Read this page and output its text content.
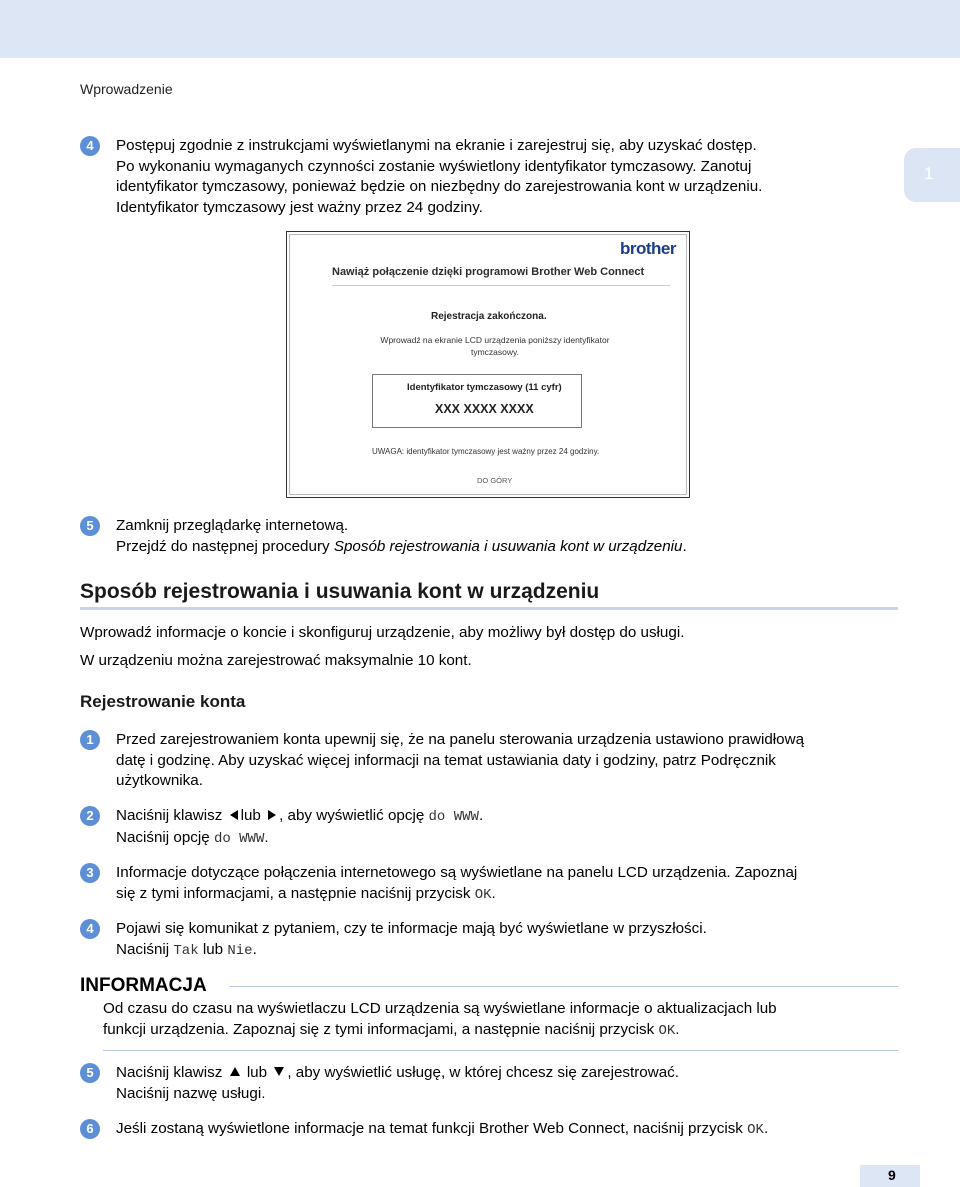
Wprowadzenie
1
4	Postępuj zgodnie z instrukcjami wyświetlanymi na ekranie i zarejestruj się, aby uzyskać dostęp.

Po wykonaniu wymaganych czynności zostanie wyświetlony identyfikator tymczasowy. Zanotuj

identyfikator tymczasowy, ponieważ będzie on niezbędny do zarejestrowania kont w urządzeniu.

Identyfikator tymczasowy jest ważny przez 24 godziny.

brother
Nawiąż połączenie dzięki programowi Brother Web Connect
Rejestracja zakończona.
Wprowadź na ekranie LCD urządzenia poniższy identyfikator tymczasowy.
Identyfikator tymczasowy (11 cyfr)
XXX XXXX XXXX
UWAGA: identyfikator tymczasowy jest ważny przez 24 godziny.
DO GÓRY
5	Zamknij przeglądarkę internetową.

Przejdź do następnej procedury Sposób rejestrowania i usuwania kont w urządzeniu.

Sposób rejestrowania i usuwania kont w urządzeniu
Wprowadź informacje o koncie i skonfiguruj urządzenie, aby możliwy był dostęp do usługi.
W urządzeniu można zarejestrować maksymalnie 10 kont.
Rejestrowanie konta
1	Przed zarejestrowaniem konta upewnij się, że na panelu sterowania urządzenia ustawiono prawidłową

datę i godzinę. Aby uzyskać więcej informacji na temat ustawiania daty i godziny, patrz Podręcznik

użytkownika.

2	Naciśnij klawisz lub , aby wyświetlić opcję do WWW.

Naciśnij opcję do WWW.

3	Informacje dotyczące połączenia internetowego są wyświetlane na panelu LCD urządzenia. Zapoznaj

się z tymi informacjami, a następnie naciśnij przycisk OK.

4	Pojawi się komunikat z pytaniem, czy te informacje mają być wyświetlane w przyszłości.

Naciśnij Tak lub Nie.

INFORMACJA

Od czasu do czasu na wyświetlaczu LCD urządzenia są wyświetlane informacje o aktualizacjach lub

funkcji urządzenia. Zapoznaj się z tymi informacjami, a następnie naciśnij przycisk OK.

5	Naciśnij klawisz lub , aby wyświetlić usługę, w której chcesz się zarejestrować.

Naciśnij nazwę usługi.

6	Jeśli zostaną wyświetlone informacje na temat funkcji Brother Web Connect, naciśnij przycisk OK.

9
